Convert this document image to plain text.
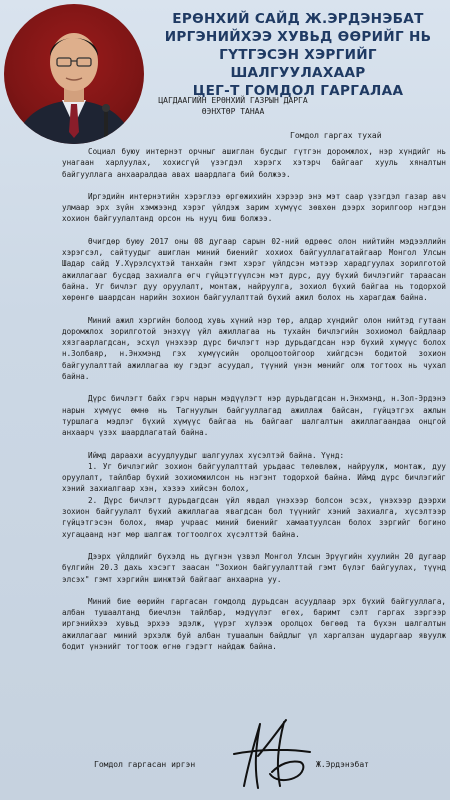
ЕРӨНХИЙ САЙД Ж.ЭРДЭНЭБАТ
ИРГЭНИЙХЭЭ ХУВЬД ӨӨРИЙГ НЬ
ГҮТГЭСЭН ХЭРГИЙГ ШАЛГУУЛАХААР
ЦЕГ-Т ГОМДОЛ ГАРГАЛАА
ЦАГДААГИЙН ЕРӨНХИЙ ГАЗРЫН ДАРГА
ӨЭНХТӨР ТАНАА
Гомдол гаргах тухай

Социал буюу интернэт орчныг ашиглан бусдыг гүтгэн доромжлох, нэр хүндийг нь унагаан харлуулах, хохисгүй үзэгдэл хэрэгх хэтэрч байгааг хууль хяналтын байгууллага анхааралдаа авах шаардлага бий болжээ.

Иргэдийн интернэтийн хэрэглээ өргөжихийн хэрээр энэ мэт саар үзэгдэл газар авч улмаар эрх зүйн хэмжээнд хэрэг үйлдэж зарим хүмүүс зөвхөн дээрх зорилгоор нэгдэн хохион байгуулалтанд орсон нь нууц биш болжээ.

Өчигдөр буюу 2017 оны 08 дугаар сарын 02-ний өдрөөс олон нийтийн мэдээллийн хэрэгсэл, сайтуудыг ашиглан миний биенийг хохиох байгууллагатайгаар Монгол Улсын Шадар сайд У.Хүрэлсүхтэй танхайн гэмт хэрэг үйлдсэн мэтээр харадгуулах зорилготой ажиллагааг бусдад захиалга өгч гүйцэтгүүлсэн мэт дурс, дуу бүхий бичлэгийг тараасан байна. Уг бичлэг дуу оруулалт, монтаж, найруулга, зохиол бүхий байгаа нь тодорхой хөрөнгө шаардсан нарийн зохион байгуулалттай бүхий ажил болох нь харагдаж байна.

Миний ажил хэргийн болоод хувь хүний нэр төр, алдар хүндийг олон нийтэд гутаан доромжлох зорилготой энэхүү үйл ажиллагаа нь тухайн бичлэгийн зохиомол байдлаар хязгаарлагдсан, эсхүл үнэхээр дүрс бичлэгт нэр дурьдагдсан нэр бүхий хүмүүс болох н.Золбаяр, н.Энхмэнд гэх хүмүүсийн оролцоотойгоор хийгдсэн бодитой зохион байгуулалттай ажиллагаа юу гэдэг асуудал, түүний үнэн мөнийг олж тогтоох нь чухал байна.

Дүрс бичлэгт байх гэрч нарын мэдүүлэгт нэр дурьдагдсан н.Энхмэнд, н.Зол-Эрдэнэ нарын хүмүүс өмнө нь Тагнуулын байгууллагад ажиллаж байсан, гүйцэтгэх ажлын туршлага мэдлэг бүхий хүмүүс байгаа нь байгааг шалгалтын ажиллагаандаа онцгой анхаарч үзэх шаардлагатай байна.

Иймд дараахи асуудлуудыг шалгуулах хүсэлтэй байна. Үүнд:

1. Уг бичлэгийг зохион байгуулалттай урьдаас төлөвлөж, найруулж, монтаж, дуу оруулалт, тайлбар бүхий зохиомжилсон нь нэгэнт тодорхой байна. Иймд дүрс бичлэгийг хэний захиалгаар хэн, хэзээ хийсэн болох,

2. Дүрс бичлэгт дурьдагдсан үйл явдал үнэхээр болсон эсэх, үнэхээр дээрхи зохион байгуулалт бүхий ажиллагаа явагдсан бол түүнийг хэний захиалга, хүсэлтээр гүйцэтгэсэн болох, ямар учраас миний биенийг хамаатуулсан болох зэргийг богино хугацаанд нэг мөр шалгаж тогтоолгох хүсэлттэй байна.

Дээрх үйлдлийг бүхэлд нь дүгнэн үзвэл Монгол Улсын Эрүүгийн хуулийн 20 дугаар бүлгийн 20.3 дахь хэсэгт заасан "Зохион байгуулалттай гэмт бүлэг байгуулах, түүнд элсэх" гэмт хэргийн шинжтэй байгааг анхаарна уу.

Миний бие өөрийн гаргасан гомдолд дурьдсан асуудлаар эрх бүхий байгууллага, албан тушаалтанд биечлэн тайлбар, мэдүүлэг өгөх, баримт сэлт гаргах зэргээр иргэнийхээ хувьд эрхээ эдэлж, үүрэг хүлээж оролцох бөгөөд та бүхэн шалгалтын ажиллагааг миний эрхэлж буй албан тушаалын байдлыг үл харгалзан шударгаар явуулж бодит үнэнийг тогтоож өгнө гэдэгт найдаж байна.

Гомдол гаргасан иргэн	Ж.Эрдэнэбат
